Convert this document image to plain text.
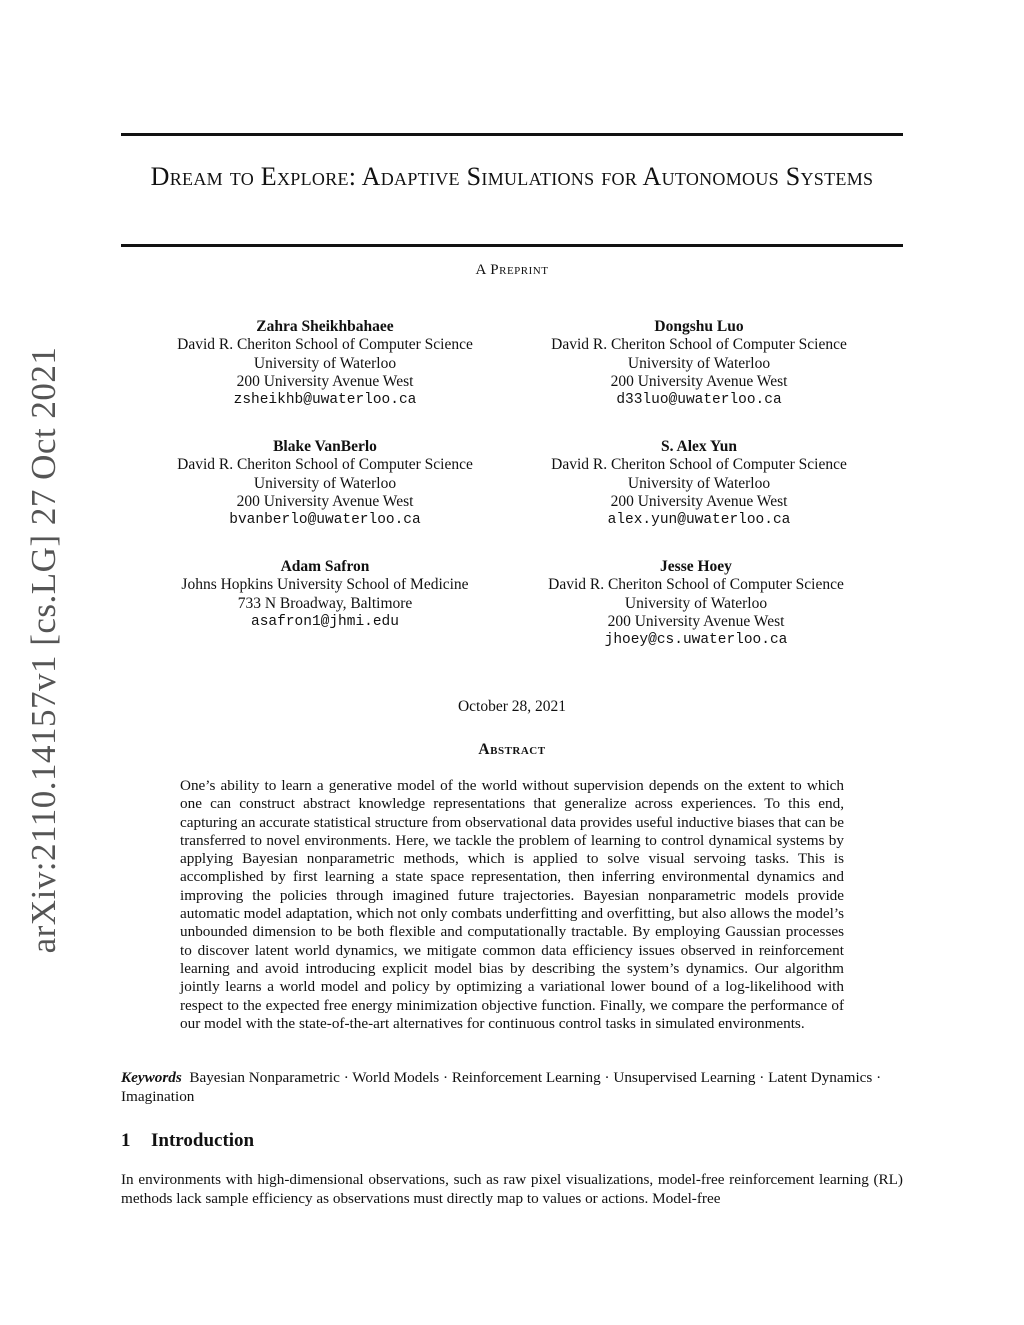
arXiv:2110.14157v1 [cs.LG] 27 Oct 2021
Dream to Explore: Adaptive Simulations for Autonomous Systems
A Preprint
Zahra Sheikhbahaee
David R. Cheriton School of Computer Science
University of Waterloo
200 University Avenue West
zsheikhb@uwaterloo.ca
Dongshu Luo
David R. Cheriton School of Computer Science
University of Waterloo
200 University Avenue West
d33luo@uwaterloo.ca
Blake VanBerlo
David R. Cheriton School of Computer Science
University of Waterloo
200 University Avenue West
bvanberlo@uwaterloo.ca
S. Alex Yun
David R. Cheriton School of Computer Science
University of Waterloo
200 University Avenue West
alex.yun@uwaterloo.ca
Adam Safron
Johns Hopkins University School of Medicine
733 N Broadway, Baltimore
asafron1@jhmi.edu
Jesse Hoey
David R. Cheriton School of Computer Science
University of Waterloo
200 University Avenue West
jhoey@cs.uwaterloo.ca
October 28, 2021
Abstract
One’s ability to learn a generative model of the world without supervision depends on the extent to which one can construct abstract knowledge representations that generalize across experiences. To this end, capturing an accurate statistical structure from observational data provides useful inductive biases that can be transferred to novel environments. Here, we tackle the problem of learning to control dynamical systems by applying Bayesian nonparametric methods, which is applied to solve visual servoing tasks. This is accomplished by first learning a state space representation, then inferring environmental dynamics and improving the policies through imagined future trajectories. Bayesian nonparametric models provide automatic model adaptation, which not only combats underfitting and overfitting, but also allows the model’s unbounded dimension to be both flexible and computationally tractable. By employing Gaussian processes to discover latent world dynamics, we mitigate common data efficiency issues observed in reinforcement learning and avoid introducing explicit model bias by describing the system’s dynamics. Our algorithm jointly learns a world model and policy by optimizing a variational lower bound of a log-likelihood with respect to the expected free energy minimization objective function. Finally, we compare the performance of our model with the state-of-the-art alternatives for continuous control tasks in simulated environments.
Keywords Bayesian Nonparametric · World Models · Reinforcement Learning · Unsupervised Learning · Latent Dynamics · Imagination
1 Introduction
In environments with high-dimensional observations, such as raw pixel visualizations, model-free reinforcement learning (RL) methods lack sample efficiency as observations must directly map to values or actions. Model-free
